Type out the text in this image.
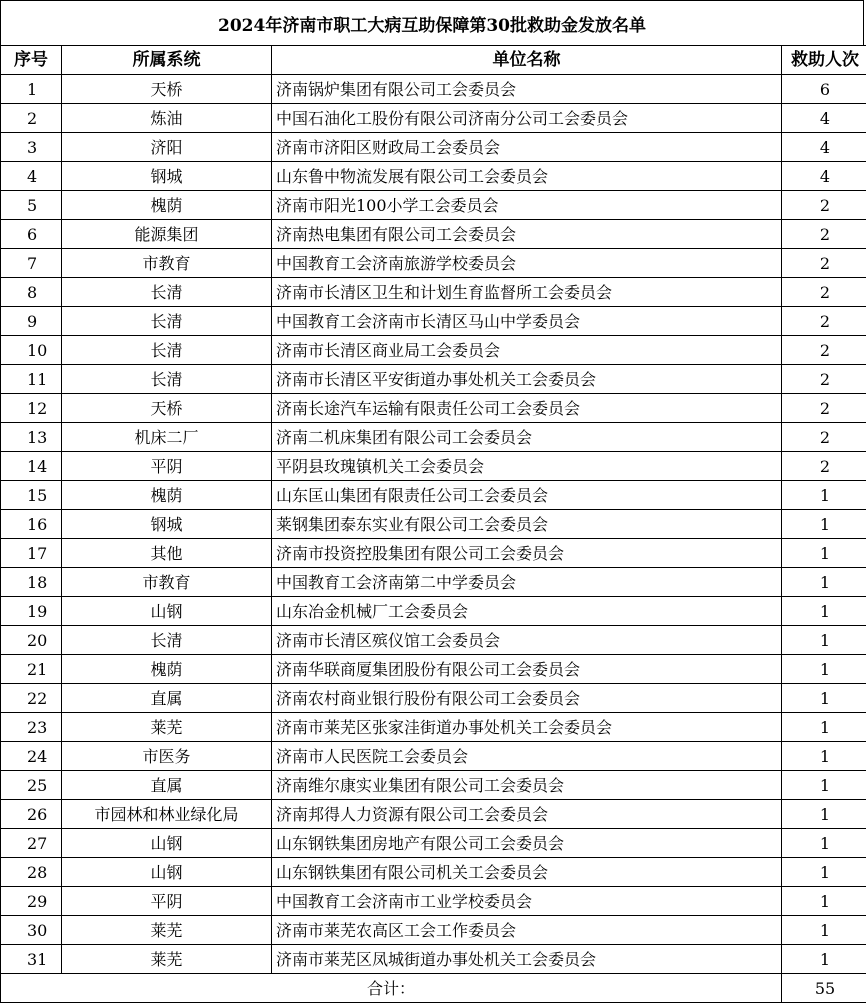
2024年济南市职工大病互助保障第30批救助金发放名单
序号	所属系统	单位名称	救助人次
1	天桥	济南锅炉集团有限公司工会委员会	6
2	炼油	中国石油化工股份有限公司济南分公司工会委员会	4
3	济阳	济南市济阳区财政局工会委员会	4
4	钢城	山东鲁中物流发展有限公司工会委员会	4
5	槐荫	济南市阳光100小学工会委员会	2
6	能源集团	济南热电集团有限公司工会委员会	2
7	市教育	中国教育工会济南旅游学校委员会	2
8	长清	济南市长清区卫生和计划生育监督所工会委员会	2
9	长清	中国教育工会济南市长清区马山中学委员会	2
10	长清	济南市长清区商业局工会委员会	2
11	长清	济南市长清区平安街道办事处机关工会委员会	2
12	天桥	济南长途汽车运输有限责任公司工会委员会	2
13	机床二厂	济南二机床集团有限公司工会委员会	2
14	平阴	平阴县玫瑰镇机关工会委员会	2
15	槐荫	山东匡山集团有限责任公司工会委员会	1
16	钢城	莱钢集团泰东实业有限公司工会委员会	1
17	其他	济南市投资控股集团有限公司工会委员会	1
18	市教育	中国教育工会济南第二中学委员会	1
19	山钢	山东冶金机械厂工会委员会	1
20	长清	济南市长清区殡仪馆工会委员会	1
21	槐荫	济南华联商厦集团股份有限公司工会委员会	1
22	直属	济南农村商业银行股份有限公司工会委员会	1
23	莱芜	济南市莱芜区张家洼街道办事处机关工会委员会	1
24	市医务	济南市人民医院工会委员会	1
25	直属	济南维尔康实业集团有限公司工会委员会	1
26	市园林和林业绿化局	济南邦得人力资源有限公司工会委员会	1
27	山钢	山东钢铁集团房地产有限公司工会委员会	1
28	山钢	山东钢铁集团有限公司机关工会委员会	1
29	平阴	中国教育工会济南市工业学校委员会	1
30	莱芜	济南市莱芜农高区工会工作委员会	1
31	莱芜	济南市莱芜区凤城街道办事处机关工会委员会	1
合计：			55
